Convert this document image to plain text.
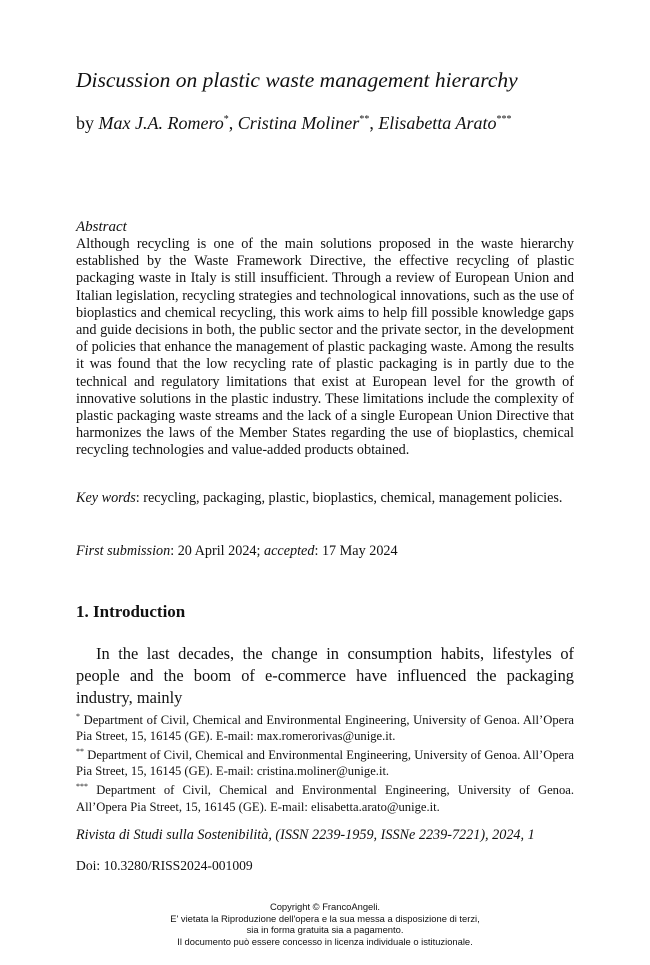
Discussion on plastic waste management hierarchy
by Max J.A. Romero*, Cristina Moliner**, Elisabetta Arato***
Abstract
Although recycling is one of the main solutions proposed in the waste hierarchy established by the Waste Framework Directive, the effective recycling of plastic packaging waste in Italy is still insufficient. Through a review of European Union and Italian legislation, recycling strategies and technological innovations, such as the use of bioplastics and chemical recycling, this work aims to help fill possible knowledge gaps and guide decisions in both, the public sector and the private sector, in the development of policies that enhance the management of plastic packaging waste. Among the results it was found that the low recycling rate of plastic packaging is in partly due to the technical and regulatory limitations that exist at European level for the growth of innovative solutions in the plastic industry. These limitations include the complexity of plastic packaging waste streams and the lack of a single European Union Directive that harmonizes the laws of the Member States regarding the use of bioplastics, chemical recycling technologies and value-added products obtained.
Key words: recycling, packaging, plastic, bioplastics, chemical, management policies.
First submission: 20 April 2024; accepted: 17 May 2024
1. Introduction
In the last decades, the change in consumption habits, lifestyles of people and the boom of e-commerce have influenced the packaging industry, mainly

* Department of Civil, Chemical and Environmental Engineering, University of Genoa. All’Opera Pia Street, 15, 16145 (GE). E-mail: max.romerorivas@unige.it.

** Department of Civil, Chemical and Environmental Engineering, University of Genoa. All’Opera Pia Street, 15, 16145 (GE). E-mail: cristina.moliner@unige.it.

*** Department of Civil, Chemical and Environmental Engineering, University of Genoa. All’Opera Pia Street, 15, 16145 (GE). E-mail: elisabetta.arato@unige.it.

Rivista di Studi sulla Sostenibilità, (ISSN 2239-1959, ISSNe 2239-7221), 2024, 1
Doi: 10.3280/RISS2024-001009
Copyright © FrancoAngeli.
E' vietata la Riproduzione dell'opera e la sua messa a disposizione di terzi,
sia in forma gratuita sia a pagamento.
Il documento può essere concesso in licenza individuale o istituzionale.
